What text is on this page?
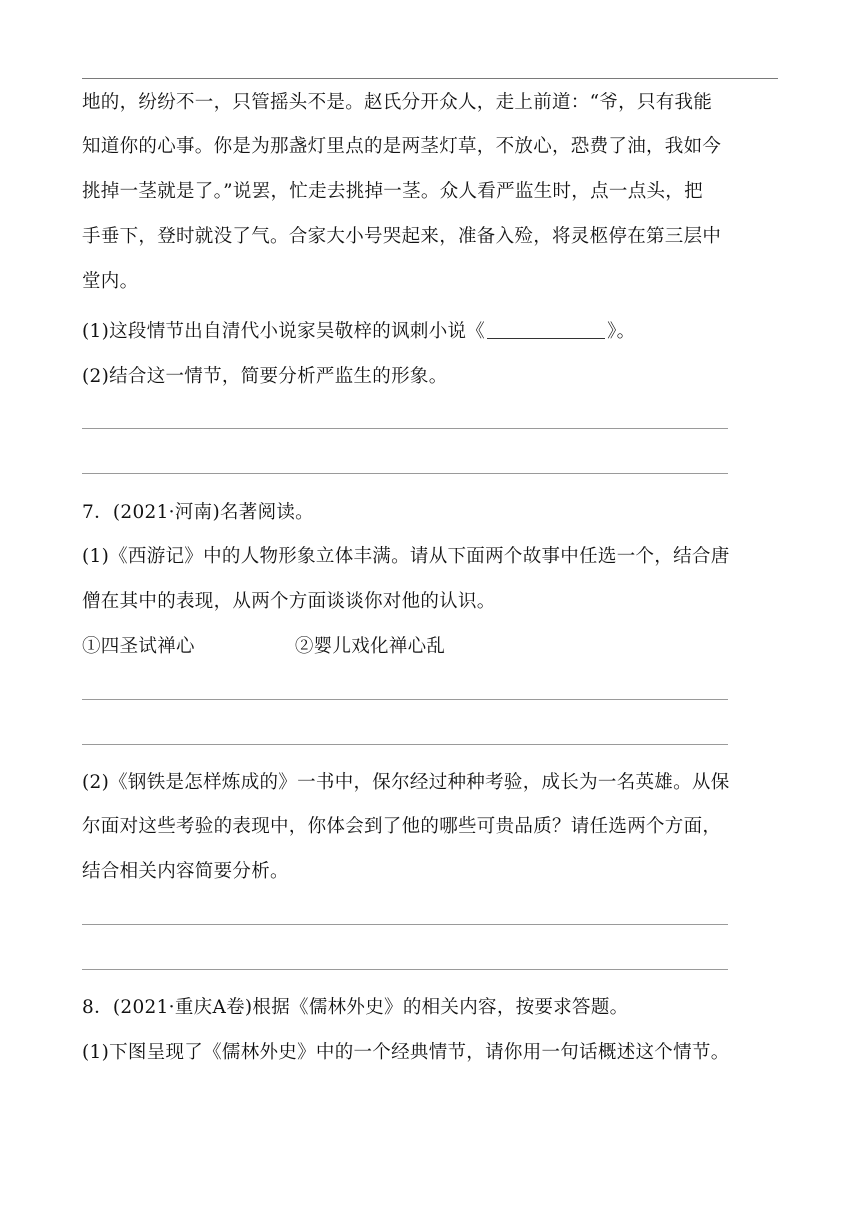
地的，纷纷不一，只管摇头不是。赵氏分开众人，走上前道：“爷，只有我能
知道你的心事。你是为那盏灯里点的是两茎灯草，不放心，恐费了油，我如今
挑掉一茎就是了。”说罢，忙走去挑掉一茎。众人看严监生时，点一点头，把
手垂下，登时就没了气。合家大小号哭起来，准备入殓，将灵柩停在第三层中
堂内。
(1)这段情节出自清代小说家吴敬梓的讽刺小说《	》。
(2)结合这一情节，简要分析严监生的形象。
7．(2021·河南)名著阅读。
(1)《西游记》中的人物形象立体丰满。请从下面两个故事中任选一个，结合唐
僧在其中的表现，从两个方面谈谈你对他的认识。
①四圣试禅心	②婴儿戏化禅心乱
(2)《钢铁是怎样炼成的》一书中，保尔经过种种考验，成长为一名英雄。从保
尔面对这些考验的表现中，你体会到了他的哪些可贵品质？请任选两个方面，
结合相关内容简要分析。
8．(2021·重庆A卷)根据《儒林外史》的相关内容，按要求答题。
(1)下图呈现了《儒林外史》中的一个经典情节，请你用一句话概述这个情节。
